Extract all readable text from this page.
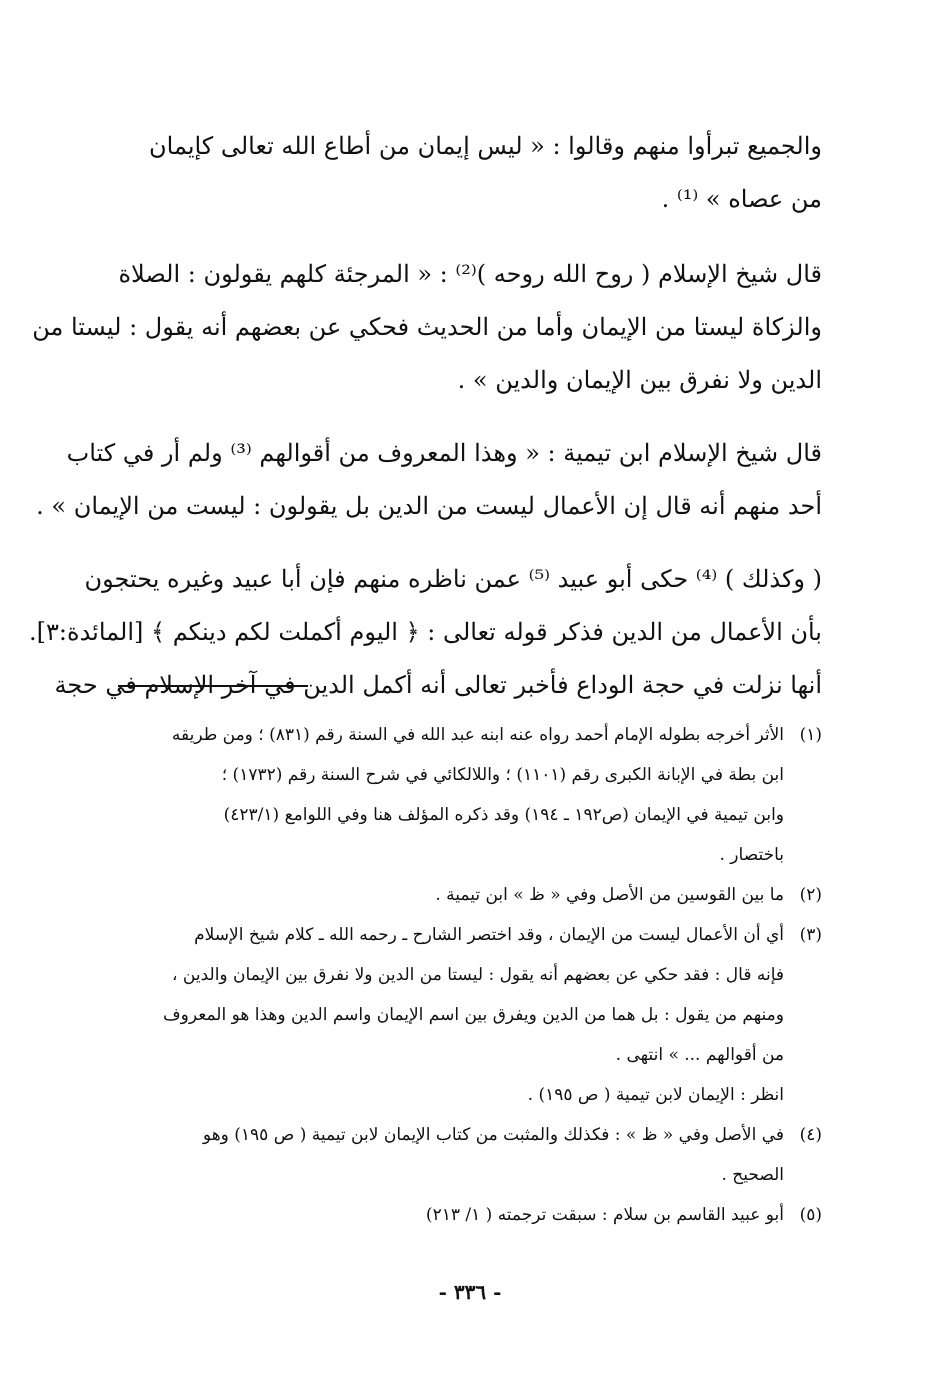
والجميع تبرأوا منهم وقالوا : « ليس إيمان من أطاع الله تعالى كإيمان
من عصاه » ⁽¹⁾ .

قال شيخ الإسلام ( روح الله روحه )⁽²⁾ : « المرجئة كلهم يقولون : الصلاة
والزكاة ليستا من الإيمان وأما من الحديث فحكي عن بعضهم أنه يقول : ليستا من
الدين ولا نفرق بين الإيمان والدين » .

قال شيخ الإسلام ابن تيمية : « وهذا المعروف من أقوالهم ⁽³⁾ ولم أر في كتاب
أحد منهم أنه قال إن الأعمال ليست من الدين بل يقولون : ليست من الإيمان » .

( وكذلك ) ⁽⁴⁾ حكى أبو عبيد ⁽⁵⁾ عمن ناظره منهم فإن أبا عبيد وغيره يحتجون
بأن الأعمال من الدين فذكر قوله تعالى : ﴿ اليوم أكملت لكم دينكم ﴾ [المائدة:٣].
أنها نزلت في حجة الوداع فأخبر تعالى أنه أكمل الدين في آخر الإسلام في حجة

(١)
الأثر أخرجه بطوله الإمام أحمد رواه عنه ابنه عبد الله في السنة رقم (٨٣١) ؛ ومن طريقه
ابن بطة في الإبانة الكبرى رقم (١١٠١) ؛ واللالكائي في شرح السنة رقم (١٧٣٢) ؛
وابن تيمية في الإيمان (ص١٩٢ ـ ١٩٤) وقد ذكره المؤلف هنا وفي اللوامع (٤٢٣/١)
باختصار .
(٢)
ما بين القوسين من الأصل وفي « ظ » ابن تيمية .
(٣)
أي أن الأعمال ليست من الإيمان ، وقد اختصر الشارح ـ رحمه الله ـ كلام شيخ الإسلام
فإنه قال : فقد حكي عن بعضهم أنه يقول : ليستا من الدين ولا نفرق بين الإيمان والدين ،
ومنهم من يقول : بل هما من الدين ويفرق بين اسم الإيمان واسم الدين وهذا هو المعروف
من أقوالهم ... » انتهى .
انظر : الإيمان لابن تيمية ( ص ١٩٥) .
(٤)
في الأصل وفي « ظ » : فكذلك والمثبت من كتاب الإيمان لابن تيمية ( ص ١٩٥) وهو
الصحيح .
(٥)
أبو عبيد القاسم بن سلام : سبقت ترجمته ( ١/ ٢١٣)
- ٣٣٦ -
